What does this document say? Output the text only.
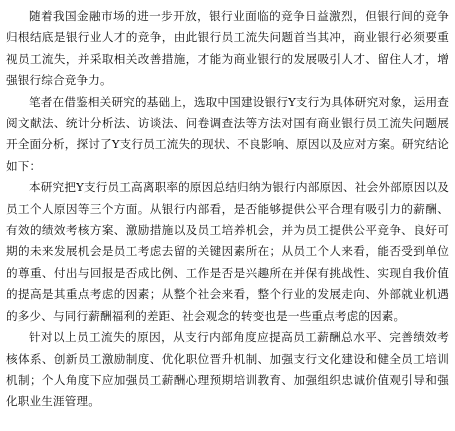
随着我国金融市场的进一步开放，银行业面临的竞争日益激烈，但银行间的竞争归根结底是银行业人才的竞争，由此银行员工流失问题首当其冲，商业银行必须要重视员工流失，并采取相关改善措施，才能为商业银行的发展吸引人才、留住人才，增强银行综合竞争力。

笔者在借鉴相关研究的基础上，选取中国建设银行Y支行为具体研究对象，运用查阅文献法、统计分析法、访谈法、问卷调查法等方法对国有商业银行员工流失问题展开全面分析，探讨了Y支行员工流失的现状、不良影响、原因以及应对方案。研究结论如下：

本研究把Y支行员工高离职率的原因总结归纳为银行内部原因、社会外部原因以及员工个人原因等三个方面。从银行内部看，是否能够提供公平合理有吸引力的薪酬、有效的绩效考核方案、激励措施以及员工培养机会，并为员工提供公平竞争、良好可期的未来发展机会是员工考虑去留的关键因素所在；从员工个人来看，能否受到单位的尊重、付出与回报是否成比例、工作是否是兴趣所在并保有挑战性、实现自我价值的提高是其重点考虑的因素；从整个社会来看，整个行业的发展走向、外部就业机遇的多少、与同行薪酬福利的差距、社会观念的转变也是一些重点考虑的因素。

针对以上员工流失的原因，从支行内部角度应提高员工薪酬总水平、完善绩效考核体系、创新员工激励制度、优化职位晋升机制、加强支行文化建设和健全员工培训机制；个人角度下应加强员工薪酬心理预期培训教育、加强组织忠诚价值观引导和强化职业生涯管理。
